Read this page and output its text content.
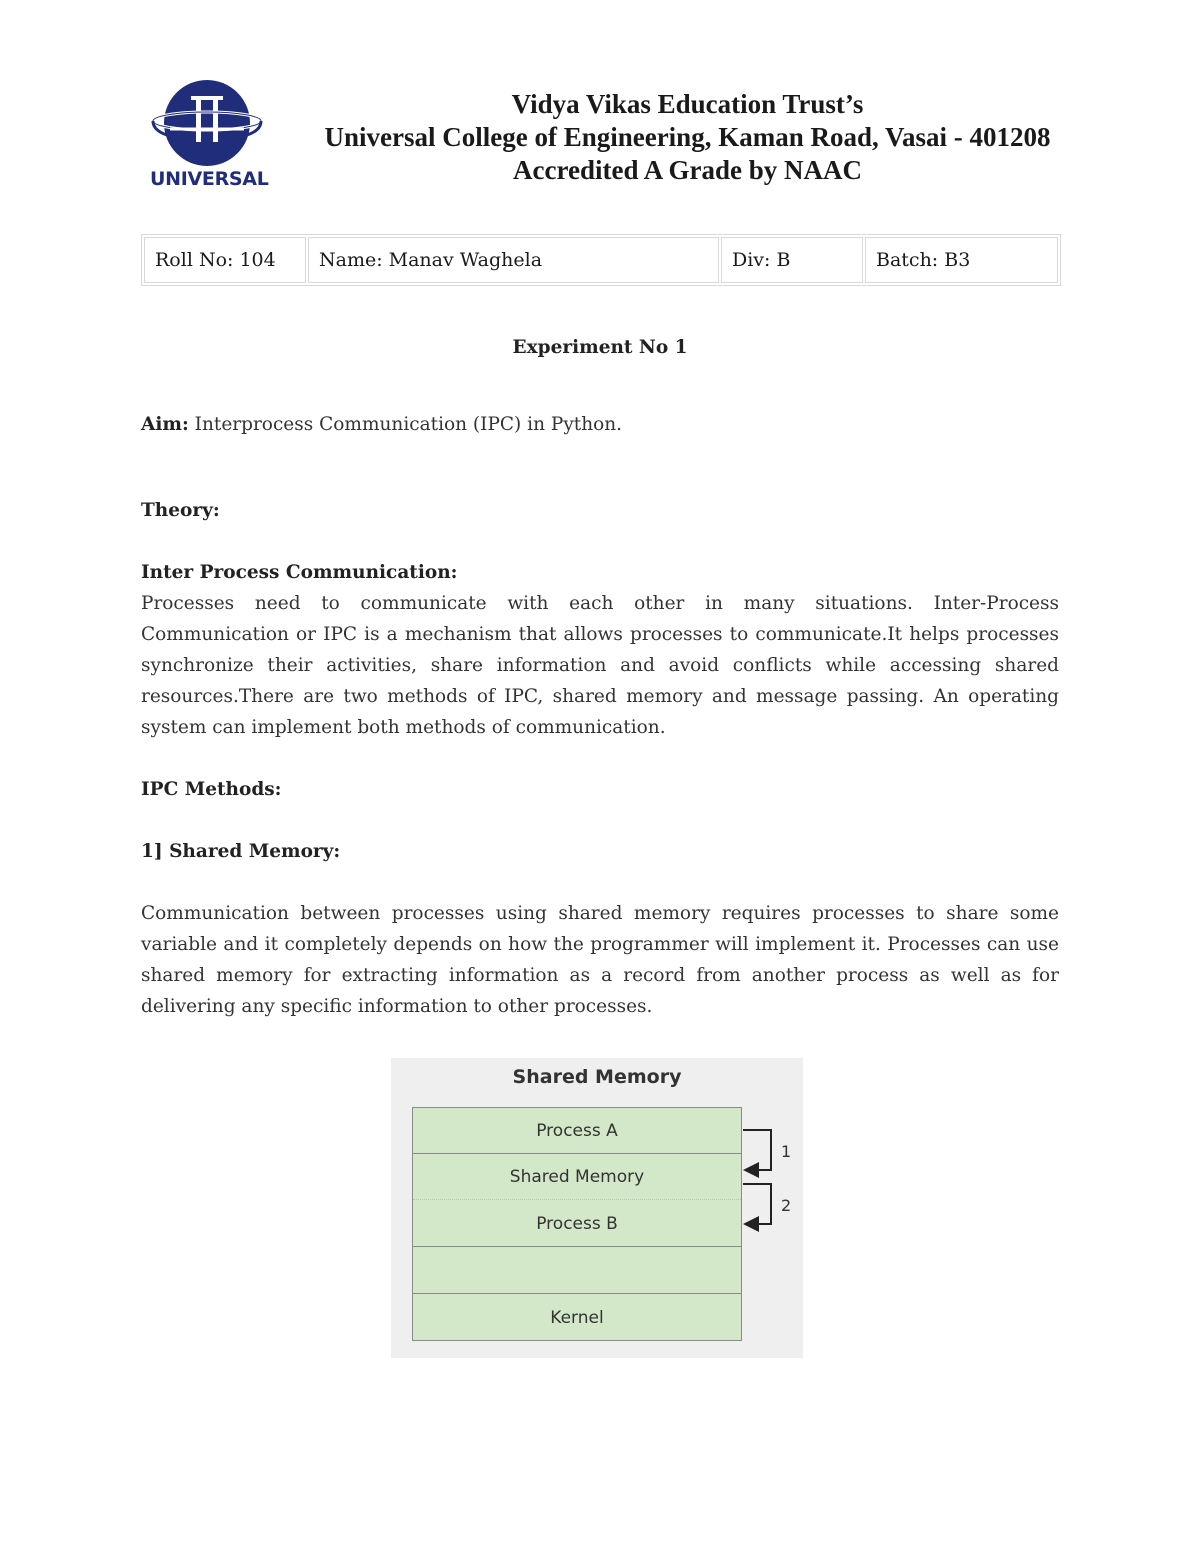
UNIVERSAL
Vidya Vikas Education Trust’s
Universal College of Engineering, Kaman Road, Vasai - 401208
Accredited A Grade by NAAC
Roll No: 104	Name: Manav Waghela	Div: B	Batch: B3
Experiment No 1
Aim: Interprocess Communication (IPC) in Python.
Theory:
Inter Process Communication:
Processes need to communicate with each other in many situations. Inter-Process Communication or IPC is a mechanism that allows processes to communicate.It helps processes synchronize their activities, share information and avoid conflicts while accessing shared resources.There are two methods of IPC, shared memory and message passing. An operating system can implement both methods of communication.
IPC Methods:
1] Shared Memory:
Communication between processes using shared memory requires processes to share some variable and it completely depends on how the programmer will implement it. Processes can use shared memory for extracting information as a record from another process as well as for delivering any specific information to other processes.
Shared Memory
Process A
Shared Memory
Process B
Kernel
1
2
